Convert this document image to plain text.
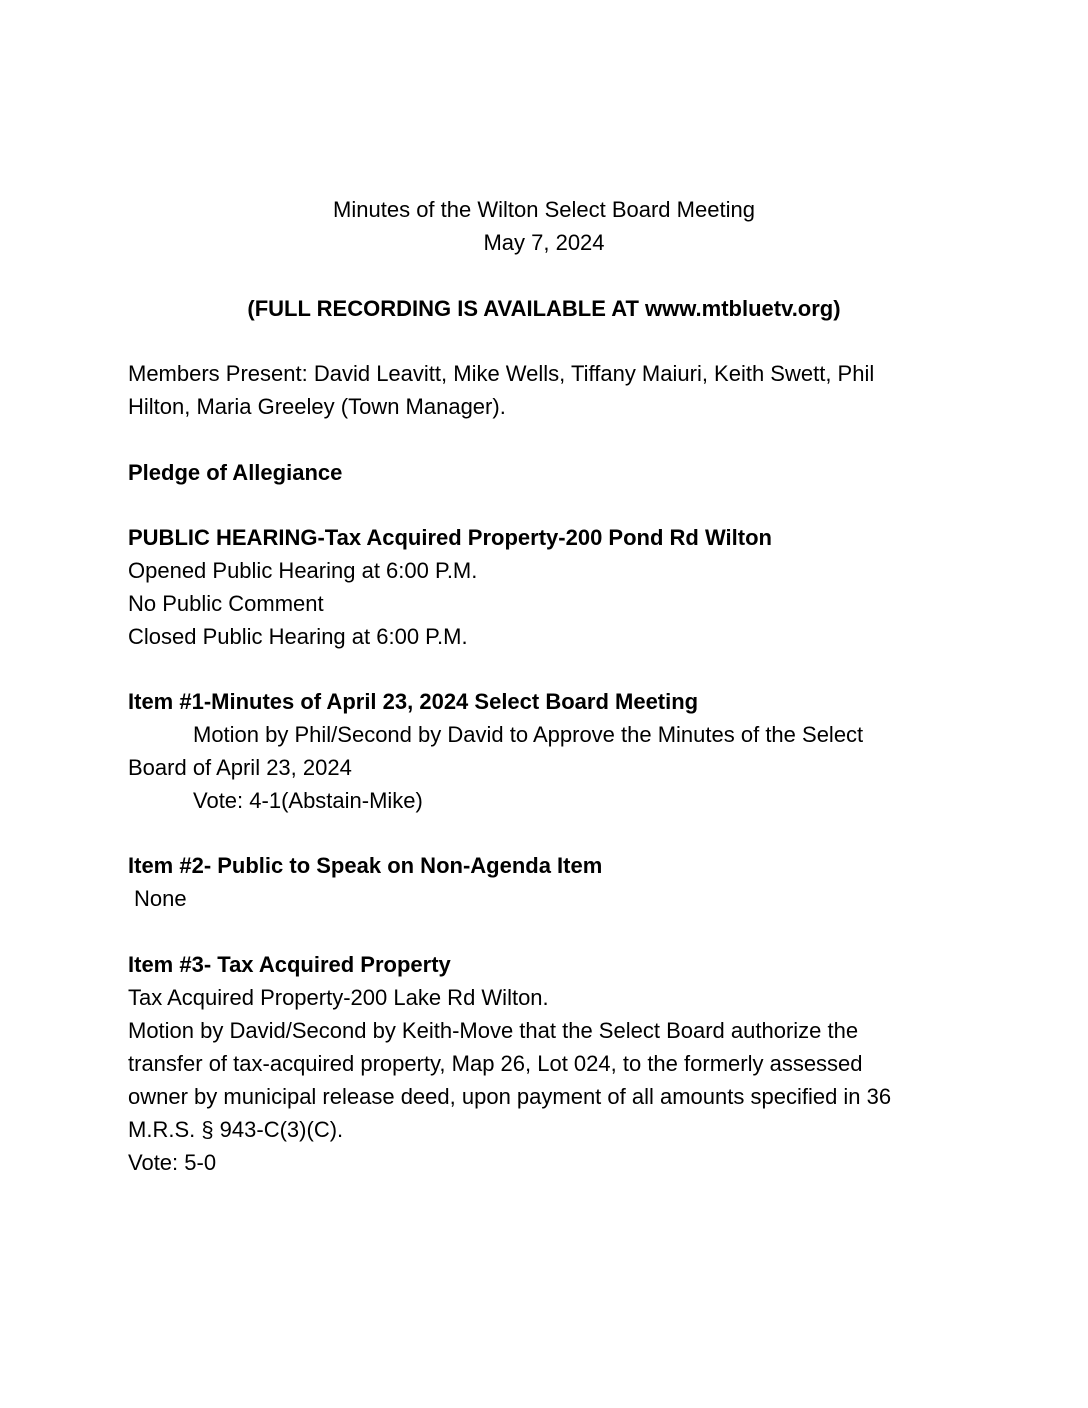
Minutes of the Wilton Select Board Meeting
May 7, 2024
(FULL RECORDING IS AVAILABLE AT www.mtbluetv.org)
Members Present: David Leavitt, Mike Wells, Tiffany Maiuri, Keith Swett, Phil
Hilton, Maria Greeley (Town Manager).
Pledge of Allegiance
PUBLIC HEARING-Tax Acquired Property-200 Pond Rd Wilton
Opened Public Hearing at 6:00 P.M.
No Public Comment
Closed Public Hearing at 6:00 P.M.
Item #1-Minutes of April 23, 2024 Select Board Meeting
Motion by Phil/Second by David to Approve the Minutes of the Select
Board of April 23, 2024
Vote: 4-1(Abstain-Mike)
Item #2- Public to Speak on Non-Agenda Item
None
Item #3- Tax Acquired Property
Tax Acquired Property-200 Lake Rd Wilton.
Motion by David/Second by Keith-Move that the Select Board authorize the
transfer of tax-acquired property, Map 26, Lot 024, to the formerly assessed
owner by municipal release deed, upon payment of all amounts specified in 36
M.R.S. § 943-C(3)(C).
Vote: 5-0
